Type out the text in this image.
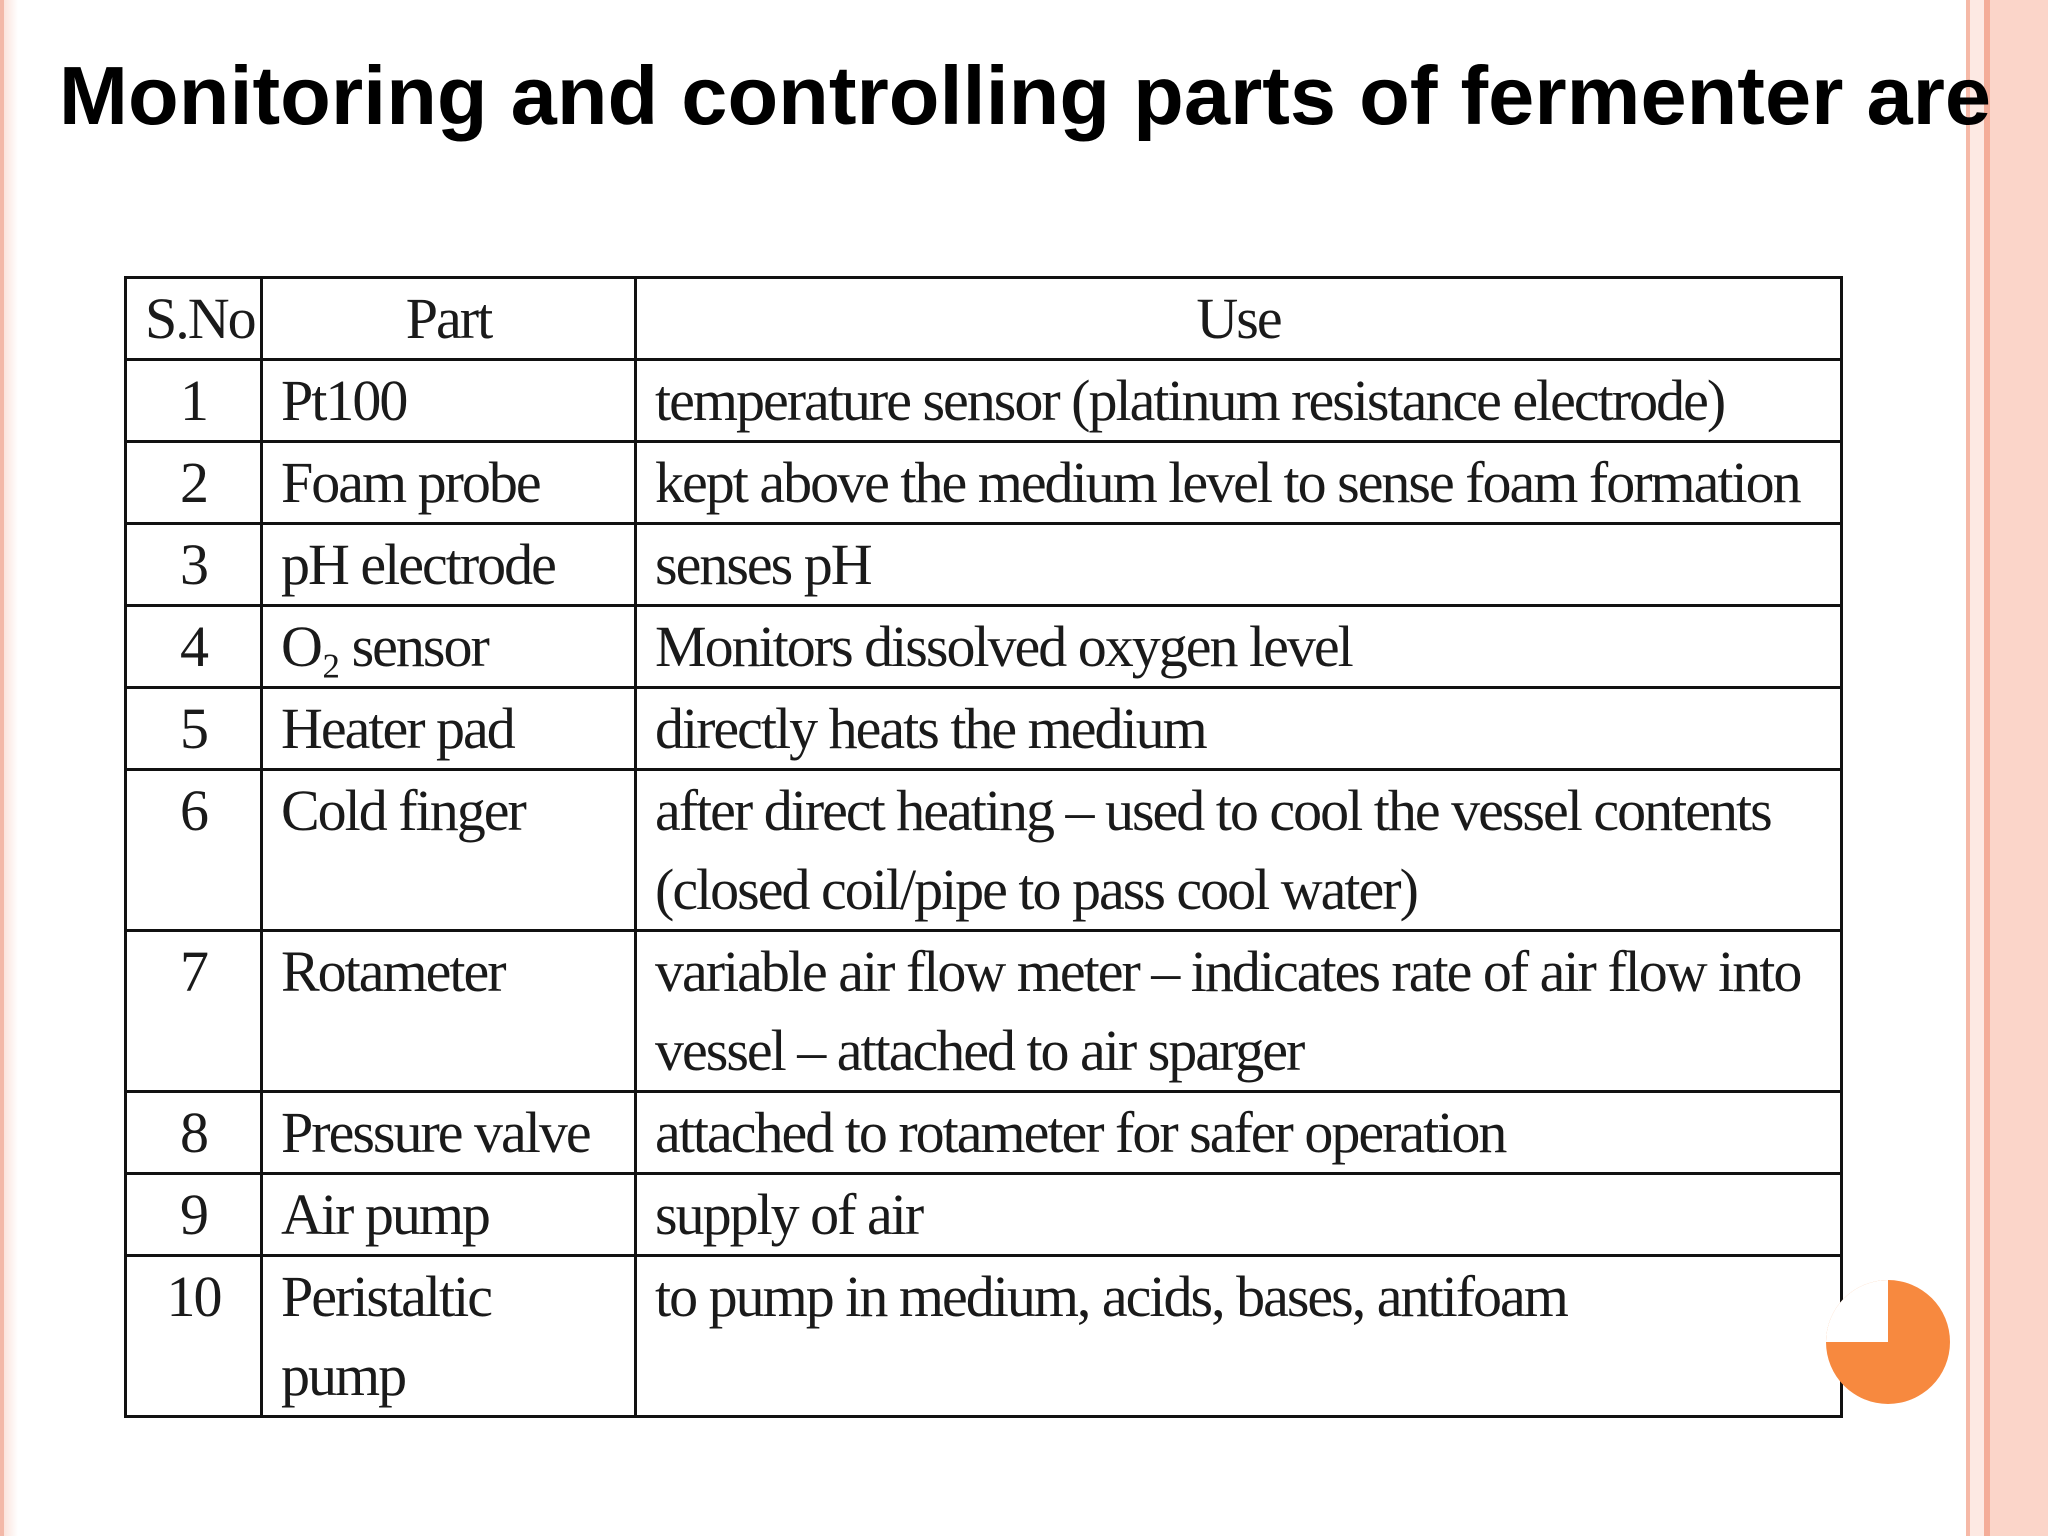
Monitoring and controlling parts of fermenter are
S.No	Part	Use
1	Pt100	temperature sensor (platinum resistance electrode)
2	Foam probe	kept above the medium level to sense foam formation
3	pH electrode	senses pH
4	O₂ sensor	Monitors dissolved oxygen level
5	Heater pad	directly heats the medium
6	Cold finger	after direct heating – used to cool the vessel contents (closed coil/pipe to pass cool water)
7	Rotameter	variable air flow meter – indicates rate of air flow into vessel – attached to air sparger
8	Pressure valve	attached to rotameter for safer operation
9	Air pump	supply of air
10	Peristaltic pump	to pump in medium, acids, bases, antifoam
